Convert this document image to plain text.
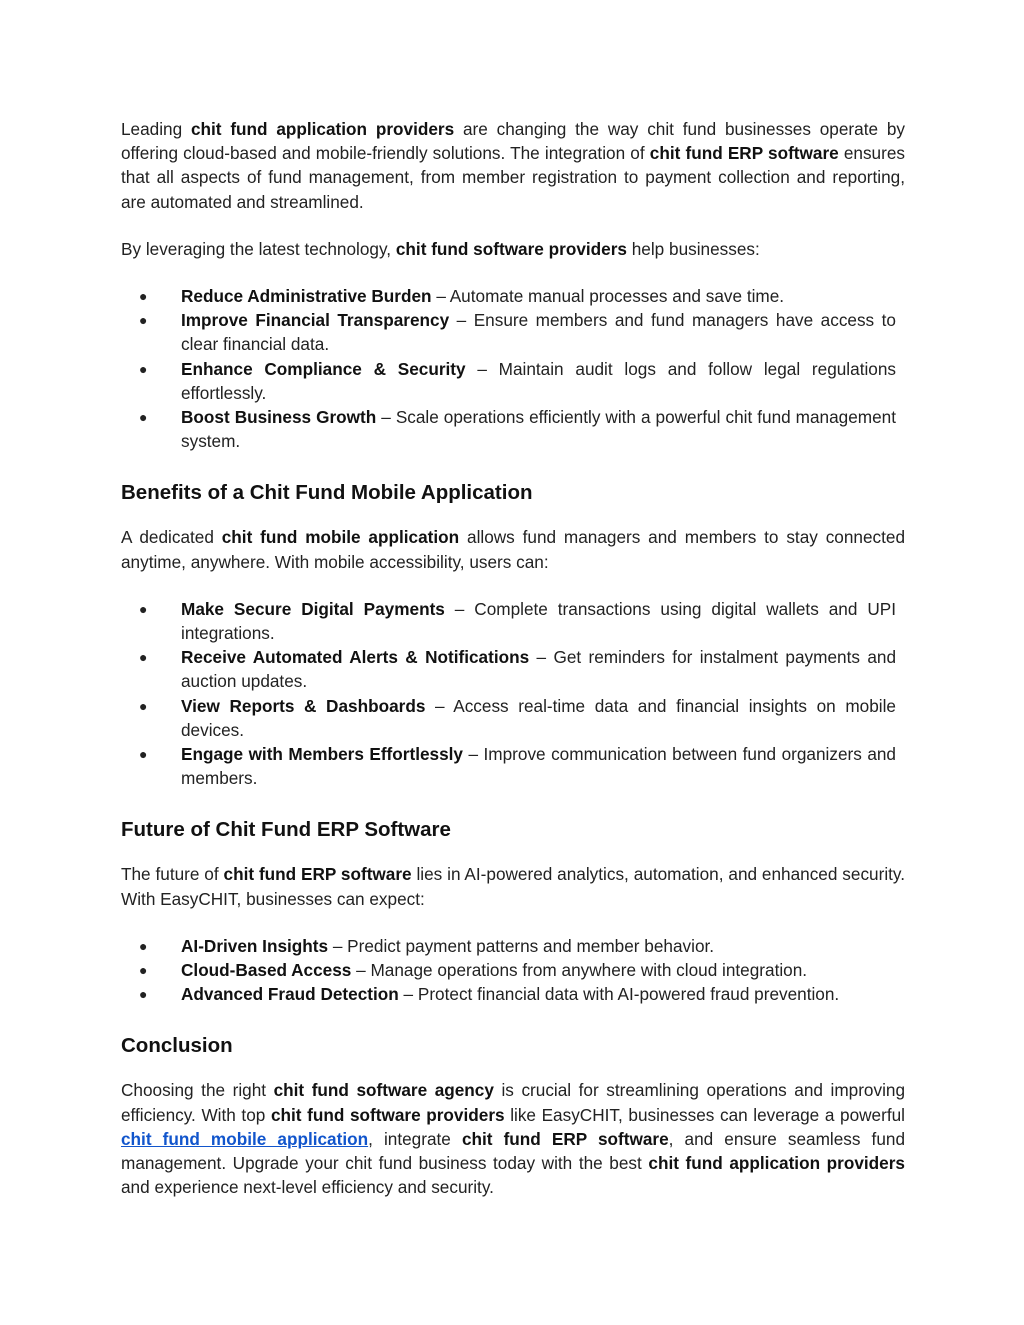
Leading chit fund application providers are changing the way chit fund businesses operate by offering cloud-based and mobile-friendly solutions. The integration of chit fund ERP software ensures that all aspects of fund management, from member registration to payment collection and reporting, are automated and streamlined.

By leveraging the latest technology, chit fund software providers help businesses:

● Reduce Administrative Burden – Automate manual processes and save time.
● Improve Financial Transparency – Ensure members and fund managers have access to clear financial data.
● Enhance Compliance & Security – Maintain audit logs and follow legal regulations effortlessly.
● Boost Business Growth – Scale operations efficiently with a powerful chit fund management system.
Benefits of a Chit Fund Mobile Application

A dedicated chit fund mobile application allows fund managers and members to stay connected anytime, anywhere. With mobile accessibility, users can:

● Make Secure Digital Payments – Complete transactions using digital wallets and UPI integrations.
● Receive Automated Alerts & Notifications – Get reminders for instalment payments and auction updates.
● View Reports & Dashboards – Access real-time data and financial insights on mobile devices.
● Engage with Members Effortlessly – Improve communication between fund organizers and members.
Future of Chit Fund ERP Software

The future of chit fund ERP software lies in AI-powered analytics, automation, and enhanced security. With EasyCHIT, businesses can expect:

● AI-Driven Insights – Predict payment patterns and member behavior.
● Cloud-Based Access – Manage operations from anywhere with cloud integration.
● Advanced Fraud Detection – Protect financial data with AI-powered fraud prevention.
Conclusion

Choosing the right chit fund software agency is crucial for streamlining operations and improving efficiency. With top chit fund software providers like EasyCHIT, businesses can leverage a powerful chit fund mobile application, integrate chit fund ERP software, and ensure seamless fund management. Upgrade your chit fund business today with the best chit fund application providers and experience next-level efficiency and security.
